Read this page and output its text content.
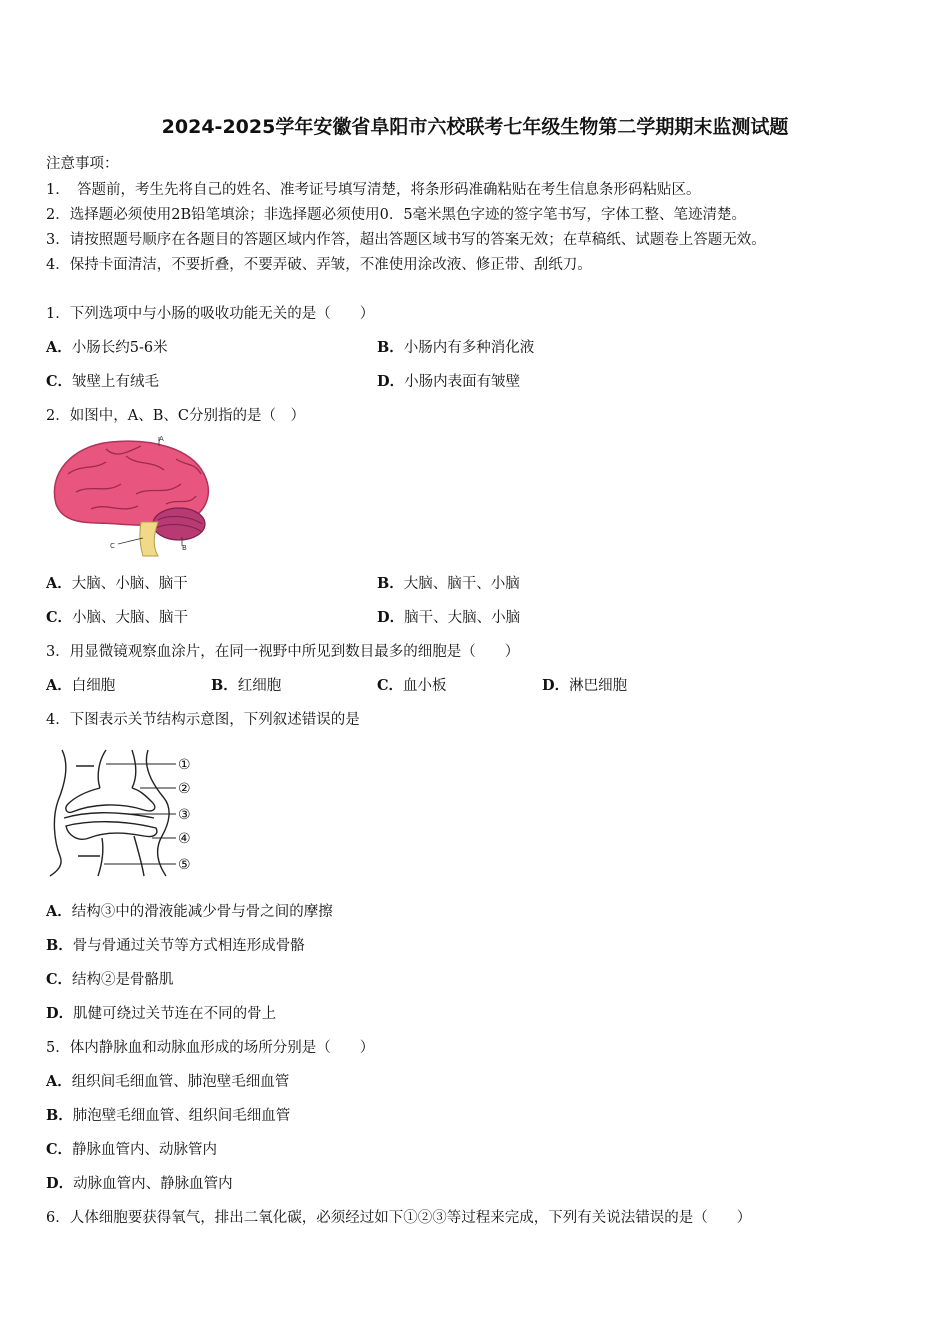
2024-2025学年安徽省阜阳市六校联考七年级生物第二学期期末监测试题
注意事项：
1．　答题前，考生先将自己的姓名、准考证号填写清楚，将条形码准确粘贴在考生信息条形码粘贴区。
2．选择题必须使用2B铅笔填涂；非选择题必须使用0．5毫米黑色字迹的签字笔书写，字体工整、笔迹清楚。
3．请按照题号顺序在各题目的答题区域内作答，超出答题区域书写的答案无效；在草稿纸、试题卷上答题无效。
4．保持卡面清洁，不要折叠，不要弄破、弄皱，不准使用涂改液、修正带、刮纸刀。
1．下列选项中与小肠的吸收功能无关的是（　　）
A．小肠长约5-6米	B．小肠内有多种消化液
C．皱壁上有绒毛	D．小肠内表面有皱壁
2．如图中，A、B、C分别指的是（　）
A
B
C
A．大脑、小脑、脑干	B．大脑、脑干、小脑
C．小脑、大脑、脑干	D．脑干、大脑、小脑
3．用显微镜观察血涂片，在同一视野中所见到数目最多的细胞是（　　）
A．白细胞	B．红细胞	C．血小板	D．淋巴细胞
4．下图表示关节结构示意图，下列叙述错误的是
①
②
③
④
⑤
A．结构③中的滑液能减少骨与骨之间的摩擦
B．骨与骨通过关节等方式相连形成骨骼
C．结构②是骨骼肌
D．肌健可绕过关节连在不同的骨上
5．体内静脉血和动脉血形成的场所分别是（　　）
A．组织间毛细血管、肺泡壁毛细血管
B．肺泡壁毛细血管、组织间毛细血管
C．静脉血管内、动脉管内
D．动脉血管内、静脉血管内
6．人体细胞要获得氧气，排出二氧化碳，必须经过如下①②③等过程来完成，下列有关说法错误的是（　　）
